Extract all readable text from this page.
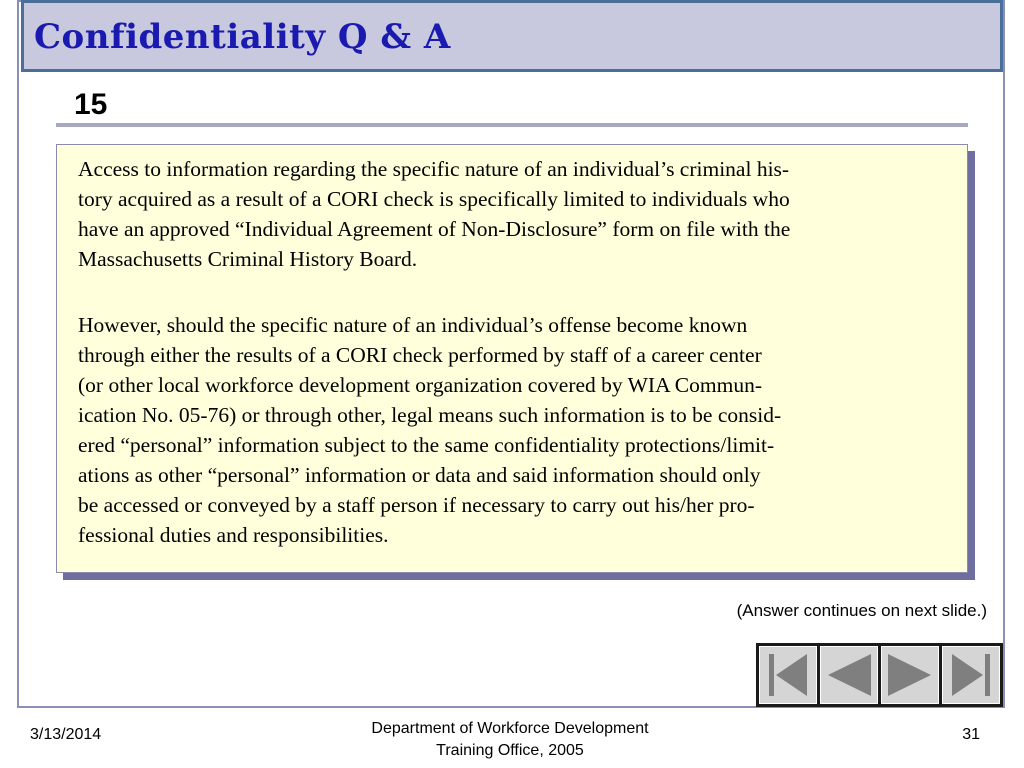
Confidentiality Q & A
15

Access to information regarding the specific nature of an individual’s criminal his-
tory acquired as a result of a CORI check is specifically limited to individuals who
have an approved “Individual Agreement of Non-Disclosure” form on file with the
Massachusetts Criminal History Board.

However, should the specific nature of an individual’s offense become known
through either the results of a CORI check performed by staff of a career center
(or other local workforce development organization covered by WIA Commun-
ication No. 05-76) or through other, legal means such information is to be consid-
ered “personal” information subject to the same confidentiality protections/limit-
ations as other “personal” information or data and said information should only
be accessed or conveyed by a staff person if necessary to carry out his/her pro-
fessional duties and responsibilities.

(Answer continues on next slide.)
3/13/2014	Department of Workforce Development
Training Office, 2005
31
